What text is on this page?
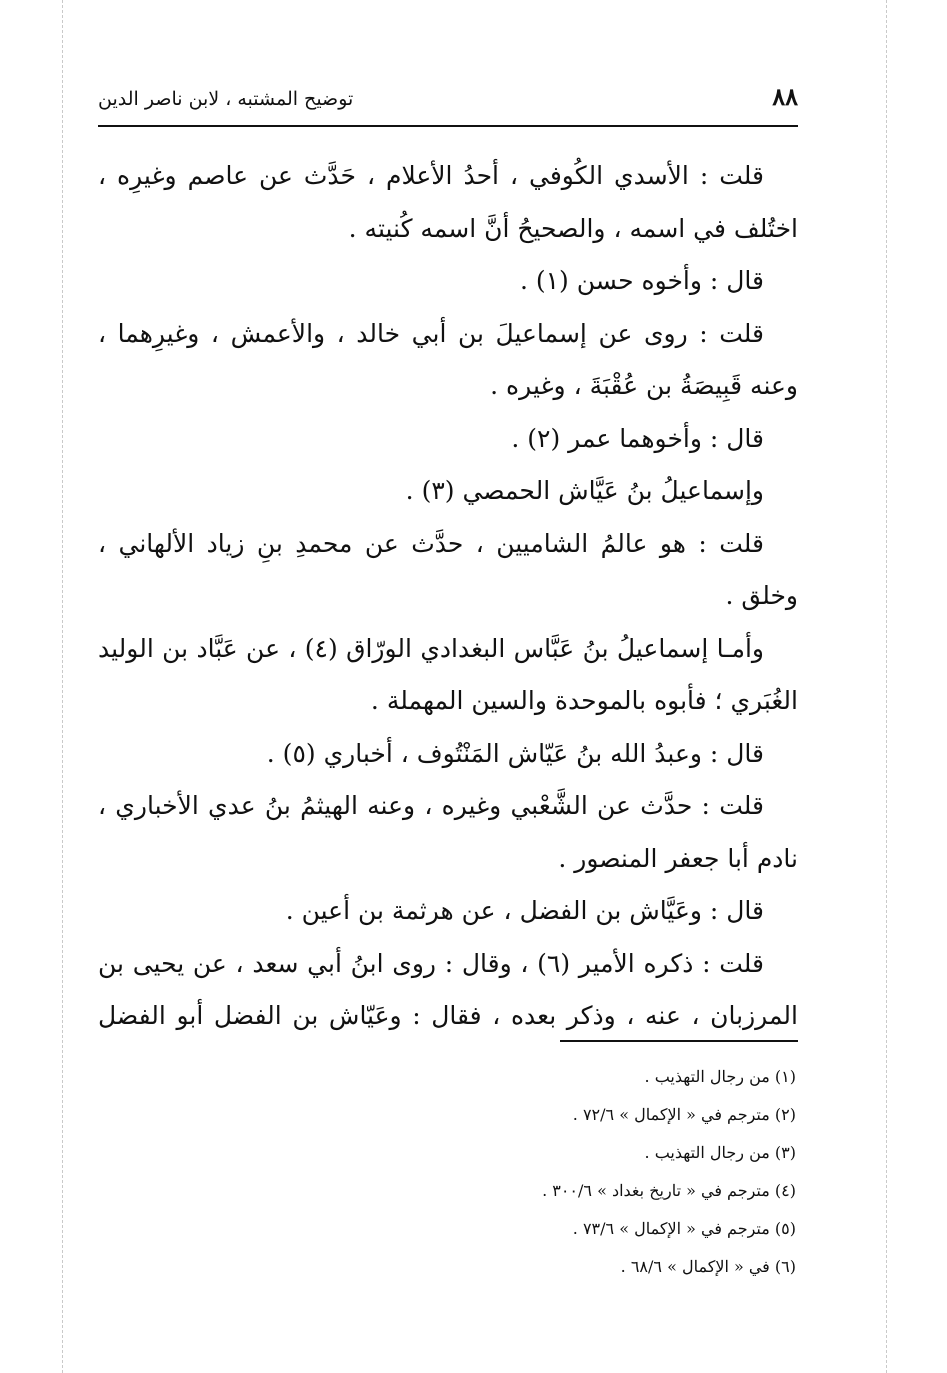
٨٨
توضيح المشتبه ، لابن ناصر الدين
قلت : الأسدي الكُوفي ، أحدُ الأعلام ، حَدَّث عن عاصم وغيرِه ،
اختُلف في اسمه ، والصحيحُ أنَّ اسمه كُنيته .
قال : وأخوه حسن (١) .
قلت : روى عن إسماعيلَ بن أبي خالد ، والأعمش ، وغيرِهما ،
وعنه قَبِيصَةُ بن عُقْبَةَ ، وغيره .
قال : وأخوهما عمر (٢) .
وإسماعيلُ بنُ عَيَّاش الحمصي (٣) .
قلت : هو عالمُ الشاميين ، حدَّث عن محمدِ بنِ زياد الألهاني ،
وخلق .
وأمـا إسماعيلُ بنُ عَبَّاس البغدادي الورّاق (٤) ، عن عَبَّاد بن الوليد
الغُبَري ؛ فأبوه بالموحدة والسين المهملة .
قال : وعبدُ الله بنُ عَيّاش المَنْتُوف ، أخباري (٥) .
قلت : حدَّث عن الشَّعْبي وغيره ، وعنه الهيثمُ بنُ عدي الأخباري ،
نادم أبا جعفر المنصور .
قال : وعَيَّاش بن الفضل ، عن هرثمة بن أعين .
قلت : ذكره الأمير (٦) ، وقال : روى ابنُ أبي سعد ، عن يحيى بن
المرزبان ، عنه ، وذكر بعده ، فقال : وعَيّاش بن الفضل أبو الفضل
(١) من رجال التهذيب .
(٢) مترجم في « الإكمال » ٧٢/٦ .
(٣) من رجال التهذيب .
(٤) مترجم في « تاريخ بغداد » ٣٠٠/٦ .
(٥) مترجم في « الإكمال » ٧٣/٦ .
(٦) في « الإكمال » ٦٨/٦ .
